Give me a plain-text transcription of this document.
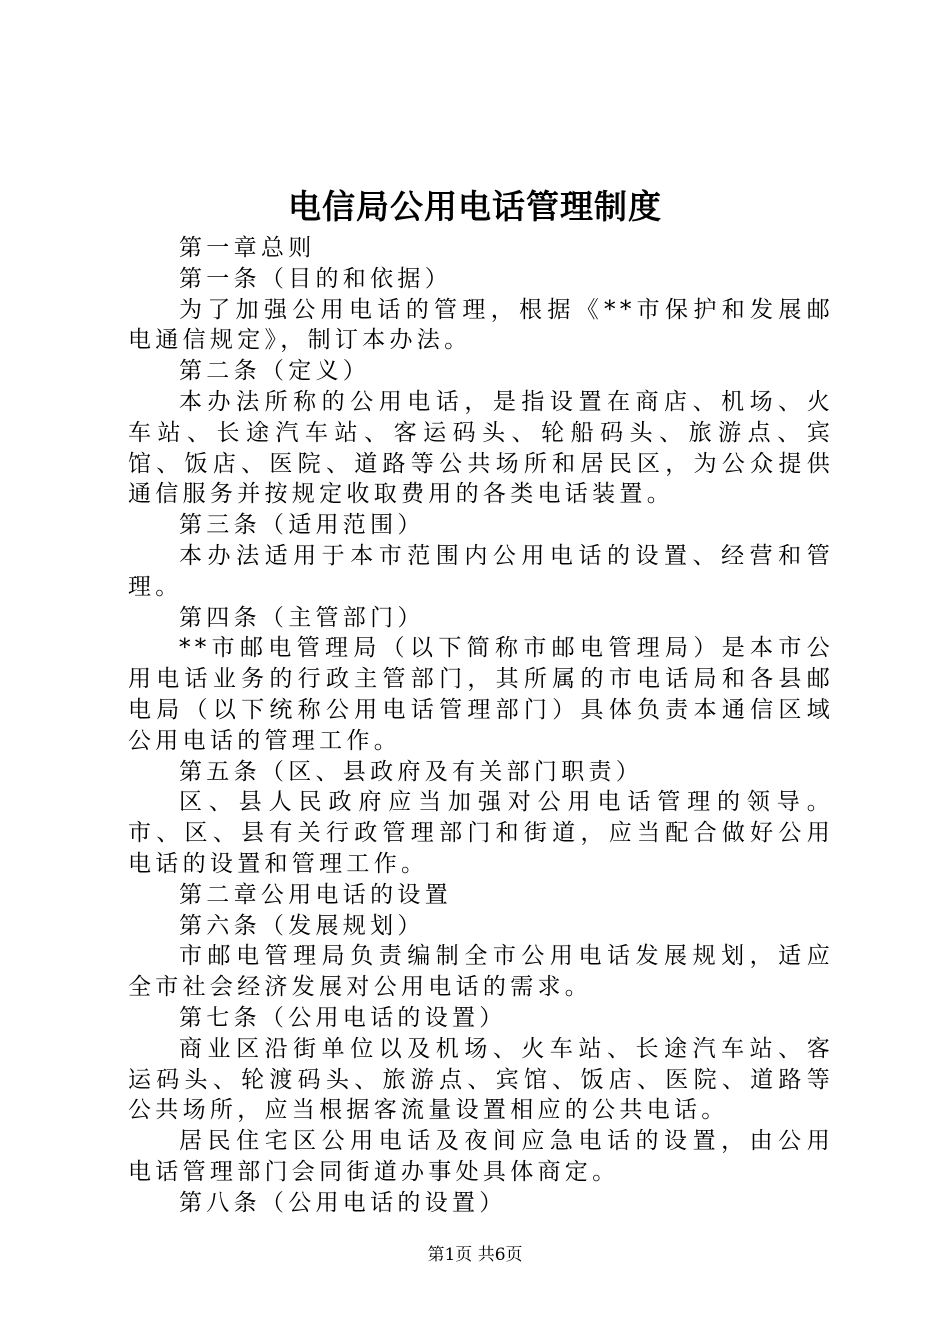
电信局公用电话管理制度

第一章总则

第一条（目的和依据）

为了加强公用电话的管理，根据《**市保护和发展邮电通信规定》，制订本办法。

第二条（定义）

本办法所称的公用电话，是指设置在商店、机场、火车站、长途汽车站、客运码头、轮船码头、旅游点、宾馆、饭店、医院、道路等公共场所和居民区，为公众提供通信服务并按规定收取费用的各类电话装置。

第三条（适用范围）

本办法适用于本市范围内公用电话的设置、经营和管理。

第四条（主管部门）

**市邮电管理局（以下简称市邮电管理局）是本市公用电话业务的行政主管部门，其所属的市电话局和各县邮电局（以下统称公用电话管理部门）具体负责本通信区域公用电话的管理工作。

第五条（区、县政府及有关部门职责）

区、县人民政府应当加强对公用电话管理的领导。市、区、县有关行政管理部门和街道，应当配合做好公用电话的设置和管理工作。

第二章公用电话的设置

第六条（发展规划）

市邮电管理局负责编制全市公用电话发展规划，适应全市社会经济发展对公用电话的需求。

第七条（公用电话的设置）

商业区沿街单位以及机场、火车站、长途汽车站、客运码头、轮渡码头、旅游点、宾馆、饭店、医院、道路等公共场所，应当根据客流量设置相应的公共电话。

居民住宅区公用电话及夜间应急电话的设置，由公用电话管理部门会同街道办事处具体商定。

第八条（公用电话的设置）

第1页 共6页
